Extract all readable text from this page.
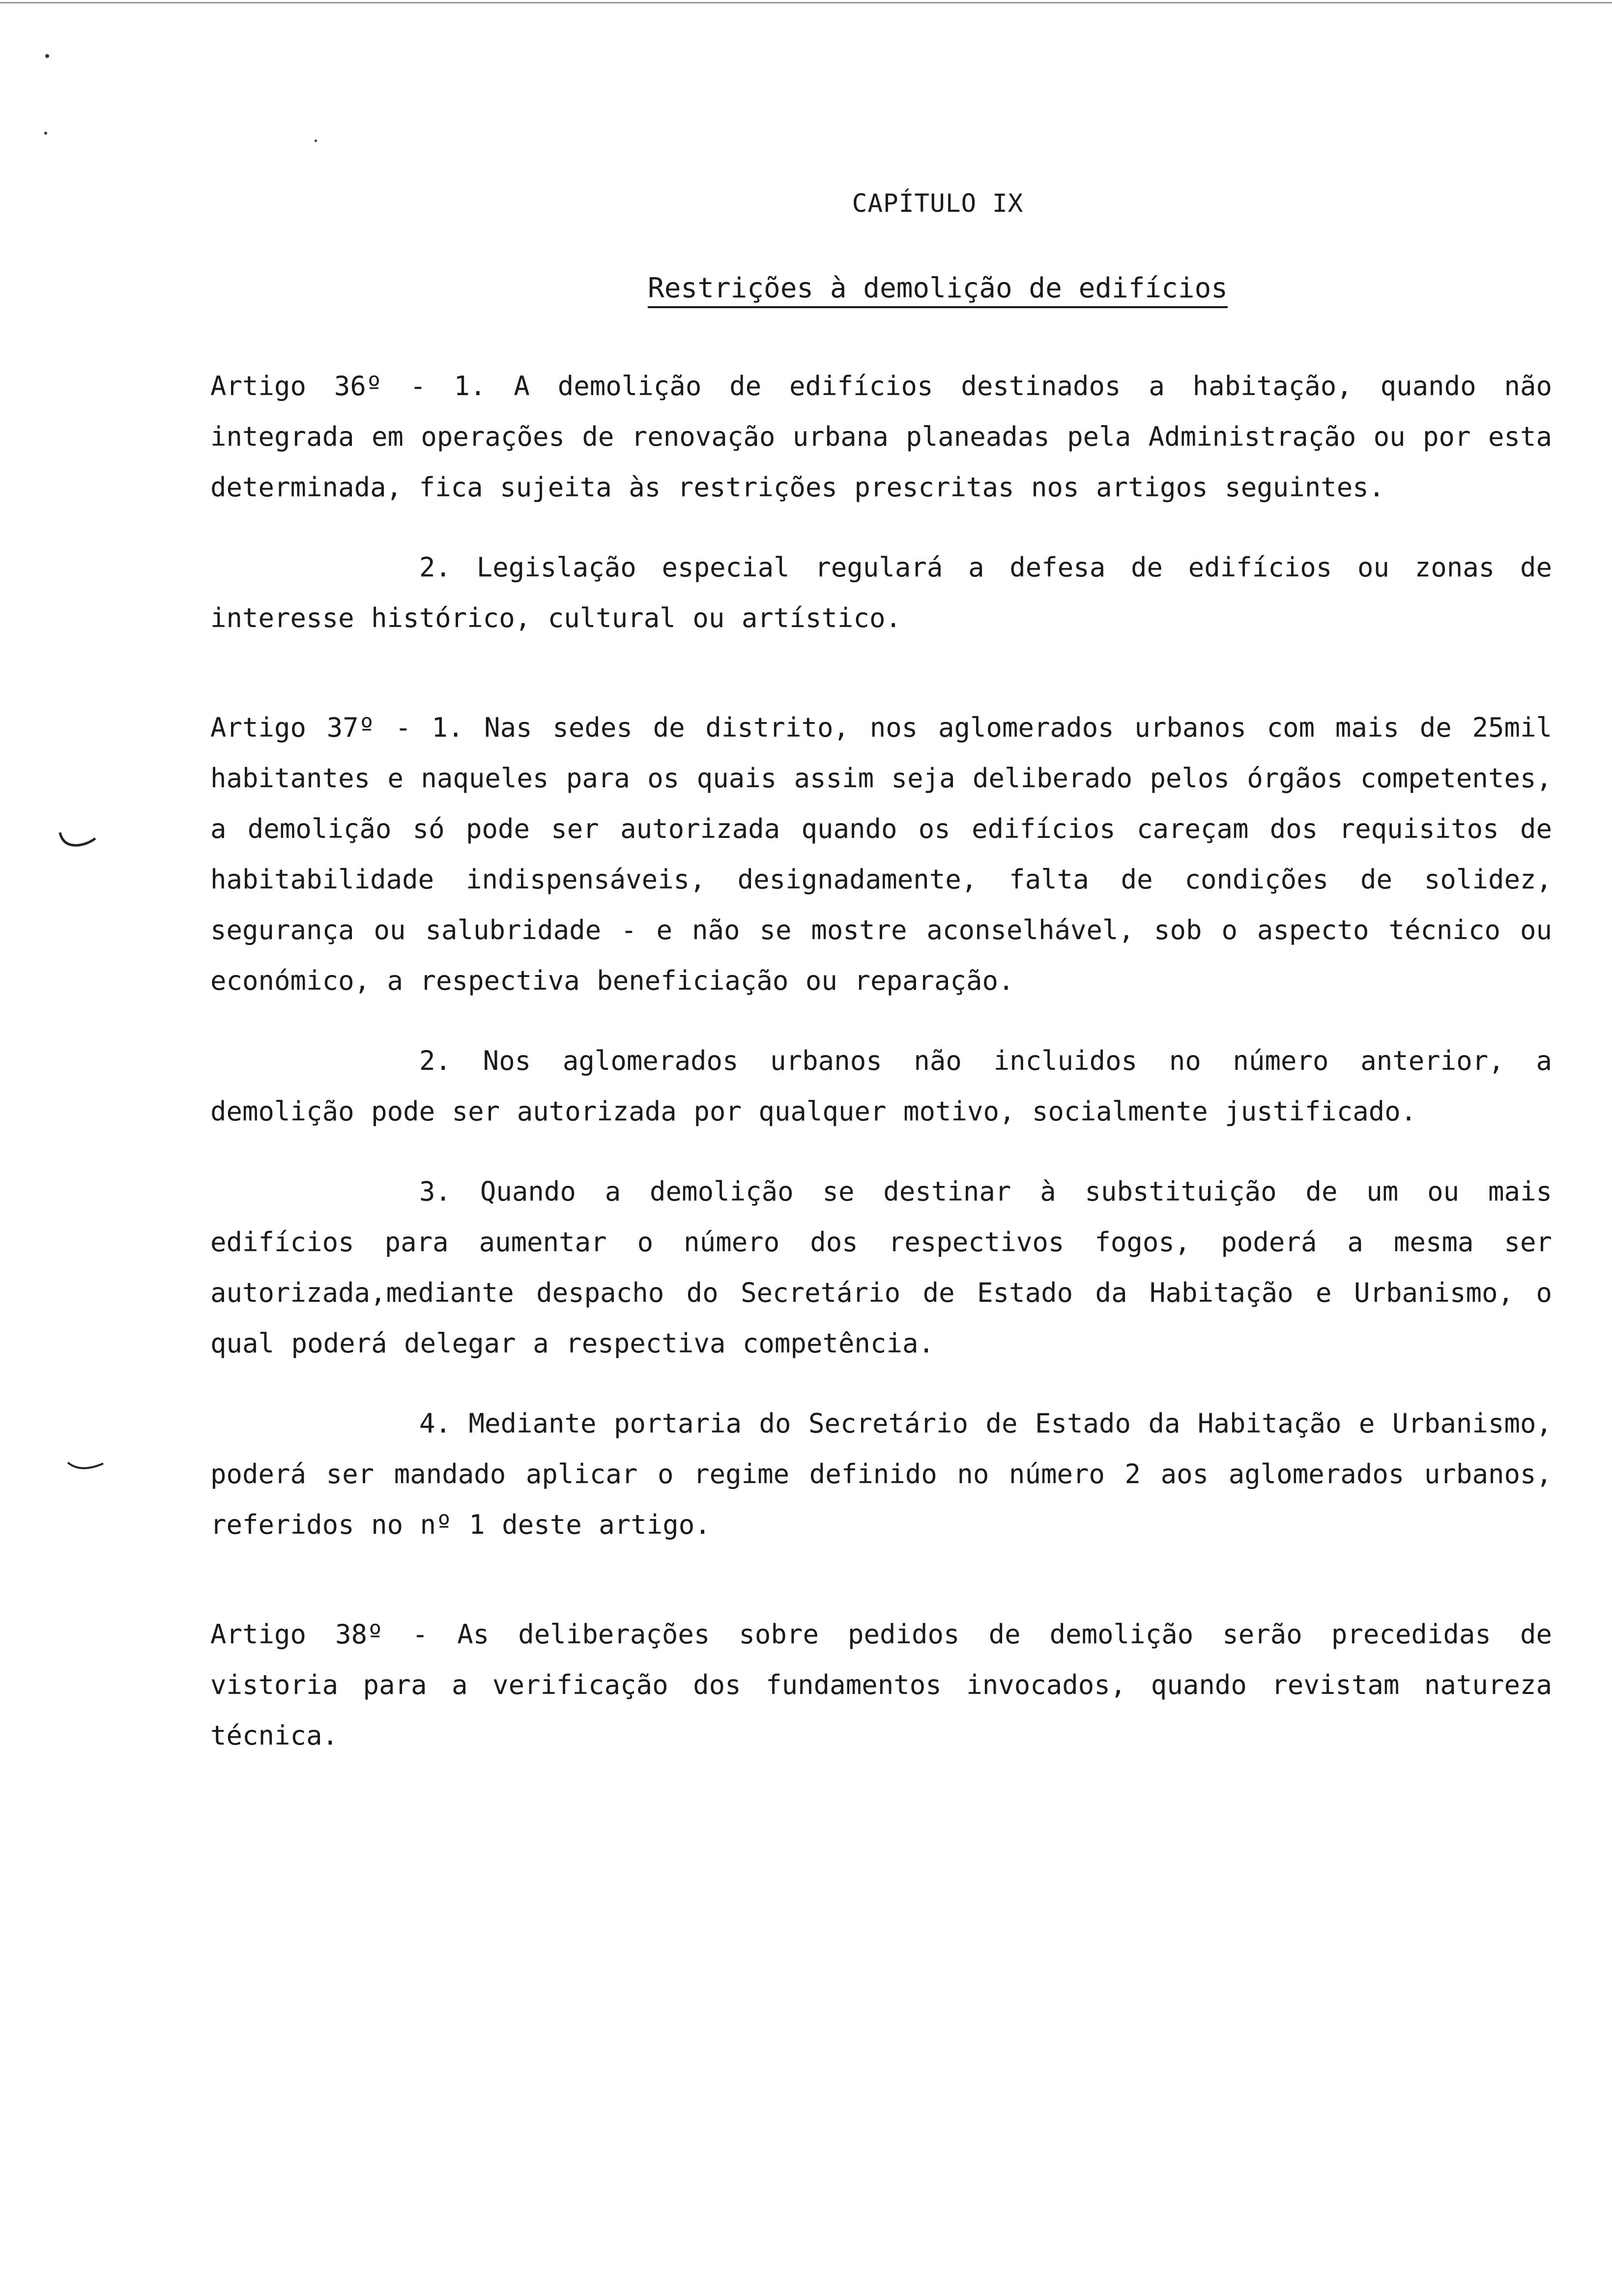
CAPÍTULO IX
Restrições à demolição de edifícios

Artigo 36º - 1. A demolição de edifícios destinados a habitação, quando não integrada em operações de renovação urbana planeadas pela Administração ou por esta determinada, fica sujeita às restrições prescritas nos artigos seguintes.

2. Legislação especial regulará a defesa de edifícios ou zonas de interesse histórico, cultural ou artístico.

Artigo 37º - 1. Nas sedes de distrito, nos aglomerados urbanos com mais de 25mil habitantes e naqueles para os quais assim seja deliberado pelos órgãos competentes, a demolição só pode ser autorizada quando os edifícios careçam dos requisitos de habitabilidade indispensáveis, designadamente, falta de condições de solidez, segurança ou salubridade - e não se mostre aconselhável, sob o aspecto técnico ou económico, a respectiva beneficiação ou reparação.

2. Nos aglomerados urbanos não incluidos no número anterior, a demolição pode ser autorizada por qualquer motivo, socialmente justificado.

3. Quando a demolição se destinar à substituição de um ou mais edifícios para aumentar o número dos respectivos fogos, poderá a mesma ser autorizada,mediante despacho do Secretário de Estado da Habitação e Urbanismo, o qual poderá delegar a respectiva competência.

4. Mediante portaria do Secretário de Estado da Habitação e Urbanismo, poderá ser mandado aplicar o regime definido no número 2 aos aglomerados urbanos, referidos no nº 1 deste artigo.

Artigo 38º - As deliberações sobre pedidos de demolição serão precedidas de vistoria para a verificação dos fundamentos invocados, quando revistam natureza técnica.
